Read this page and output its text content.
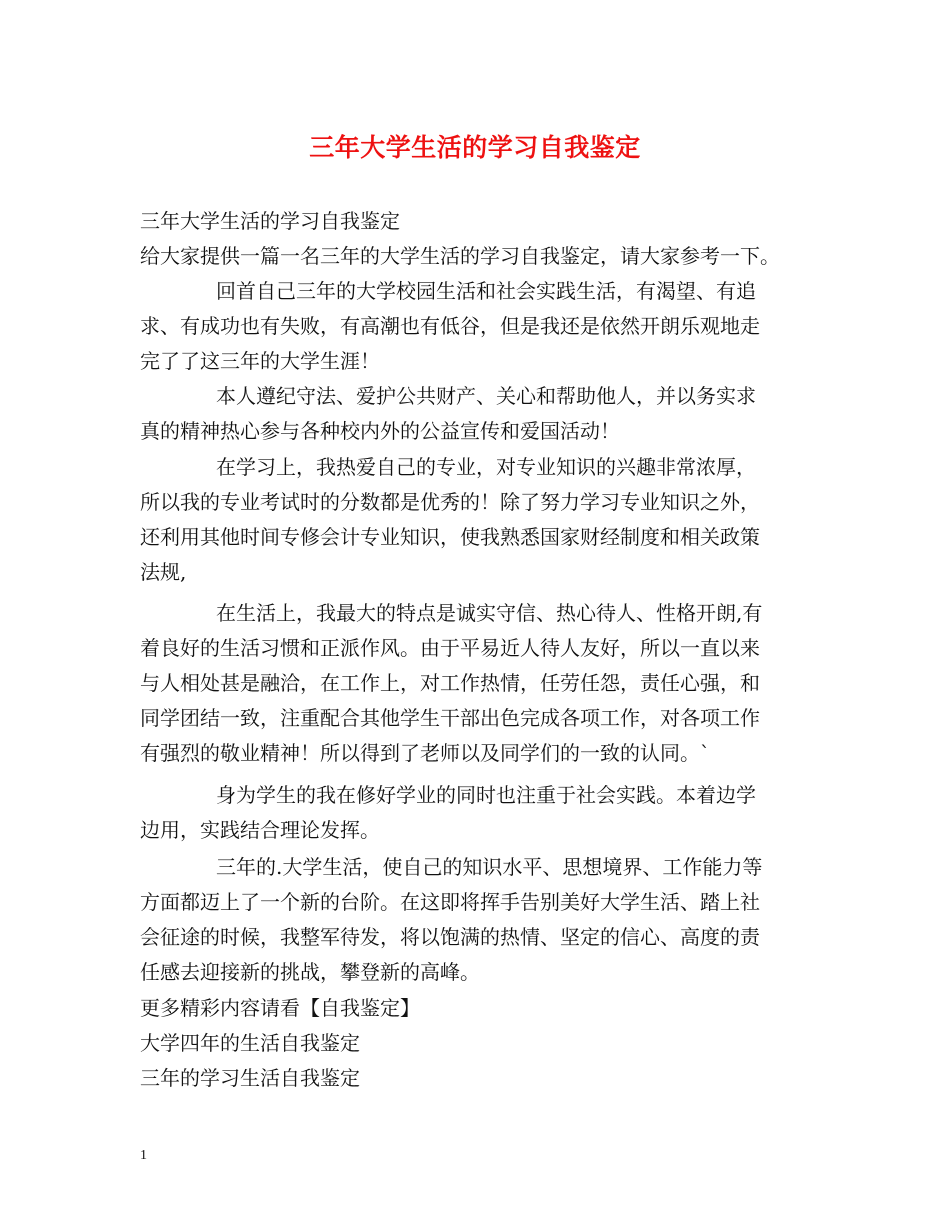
三年大学生活的学习自我鉴定
三年大学生活的学习自我鉴定
给大家提供一篇一名三年的大学生活的学习自我鉴定，请大家参考一下。
回首自己三年的大学校园生活和社会实践生活，有渴望、有追
求、有成功也有失败，有高潮也有低谷，但是我还是依然开朗乐观地走
完了了这三年的大学生涯！
本人遵纪守法、爱护公共财产、关心和帮助他人，并以务实求
真的精神热心参与各种校内外的公益宣传和爱国活动！
在学习上，我热爱自己的专业，对专业知识的兴趣非常浓厚，
所以我的专业考试时的分数都是优秀的！除了努力学习专业知识之外，
还利用其他时间专修会计专业知识，使我熟悉国家财经制度和相关政策
法规,
在生活上，我最大的特点是诚实守信、热心待人、性格开朗,有
着良好的生活习惯和正派作风。由于平易近人待人友好，所以一直以来
与人相处甚是融洽，在工作上，对工作热情，任劳任怨，责任心强，和
同学团结一致，注重配合其他学生干部出色完成各项工作，对各项工作
有强烈的敬业精神！所以得到了老师以及同学们的一致的认同。`
身为学生的我在修好学业的同时也注重于社会实践。本着边学
边用，实践结合理论发挥。
三年的.大学生活，使自己的知识水平、思想境界、工作能力等
方面都迈上了一个新的台阶。在这即将挥手告别美好大学生活、踏上社
会征途的时候，我整军待发，将以饱满的热情、坚定的信心、高度的责
任感去迎接新的挑战，攀登新的高峰。
更多精彩内容请看【自我鉴定】
大学四年的生活自我鉴定
三年的学习生活自我鉴定
1
